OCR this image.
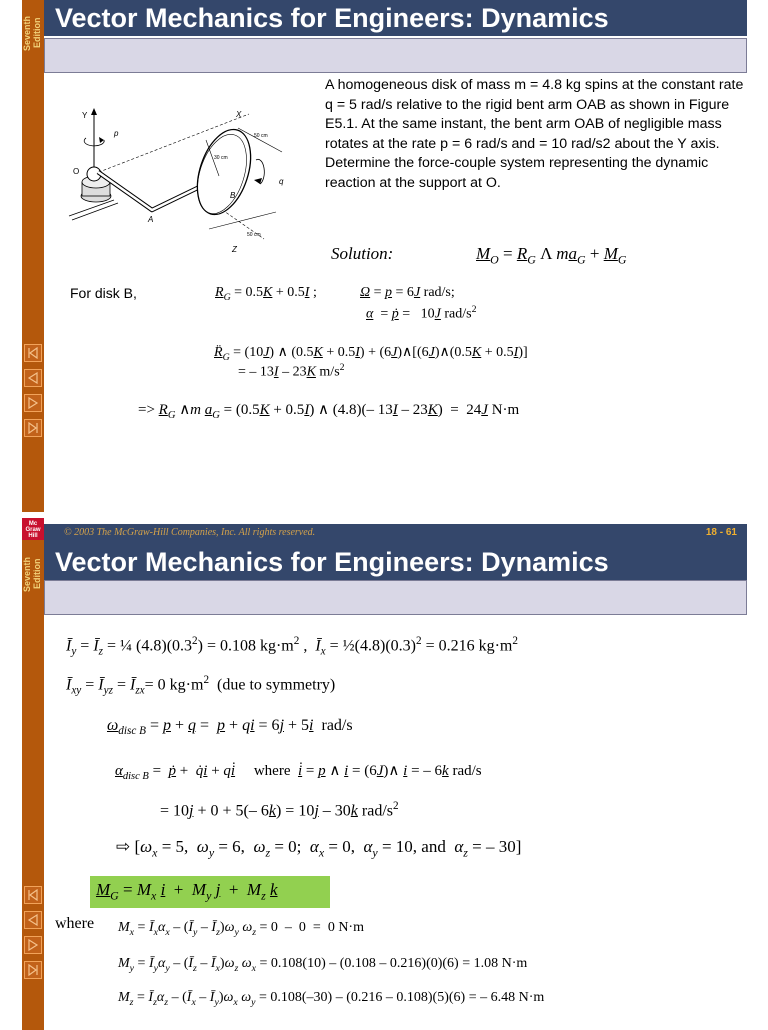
Seventh Edition Vector Mechanics for Engineers: Dynamics
Y
p
X
Z
O
A
30 cm
B
q
50 cm
50 cm
A homogeneous disk of mass m = 4.8 kg spins at the constant rate q = 5 rad/s relative to the rigid bent arm OAB as shown in Figure E5.1. At the same instant, the bent arm OAB of negligible mass rotates at the rate p = 6 rad/s and = 10 rad/s2 about the Y axis. Determine the force-couple system representing the dynamic reaction at the support at O.
Solution:	$M_O = R_G$ Λ $ma_G + M_G$
For disk B,	$R_G = 0.5K + 0.5I$ ;	Ω = p = 6J rad/s;
α  = ṗ =   10J rad/$s^2$
$R̈_G = (10J)$ ∧ (0.5K + 0.5I) + (6J)∧[(6J)∧(0.5K + 0.5I)]
= – 13I – 23K $m/s^2$
=> $R_G$ ∧m $a_G = (0.5K + 0.5I)$ ∧ (4.8)(– 13I – 23K)  =  24J N·m
Mc Graw Hill
Seventh Edition
© 2003 The McGraw-Hill Companies, Inc. All rights reserved.	18 - 61
Vector Mechanics for Engineers: Dynamics
$Ī_y$ = $Ī_z$ = ¼ $(4.8)(0.3^2) = 0.108$ $kg\cdot m^2$ ,  $Ī_x$ = $\frac{1}{2}(4.8)(0.3)^2 = 0.216$ $kg\cdot m^2$
$Ī_{xy}$ = $Ī_{yz}$ = $Ī_{zx}= 0$ $kg\cdot m^2$  (due to symmetry)
$\omega_{disc B} = p + q = p$ + qi = 6j + 5i  rad/s
$\alpha_{disc B}$ =  ṗ +  q̇i + qi̇     where  i̇ = p ∧ i = (6J)∧ i = – 6k rad/s
= 10j + 0 + 5(– 6k) = 10j – 30k rad/$s^2$
⇨ [$\omega_x = 5$,  $\omega_y = 6$,  $\omega_z = 0$;  $\alpha_x = 0$,  $\alpha_y = 10$, and  $\alpha_z$ = – 30]
$M_G = M_x$ $i + M_y$ $j + M_z$ k
where $M_x$ = $Ī_x\alpha_x$ – ($Ī_y$ – $Ī_z)\omega_y$ $\omega_z = 0 - 0 = 0$ N·m
$M_y$ = $Ī_y\alpha_y$ – ($Ī_z$ – $Ī_x)\omega_z$ $\omega_x = 0.108(10) - (0.108 - 0.216)(0)(6) = 1.08$ N·m
$M_z$ = $Ī_z\alpha_z$ – ($Ī_x$ – $Ī_y)\omega_x$ $\omega_y = 0.108(-30) - (0.216 - 0.108)(5)(6)$ = – 6.48 N·m
